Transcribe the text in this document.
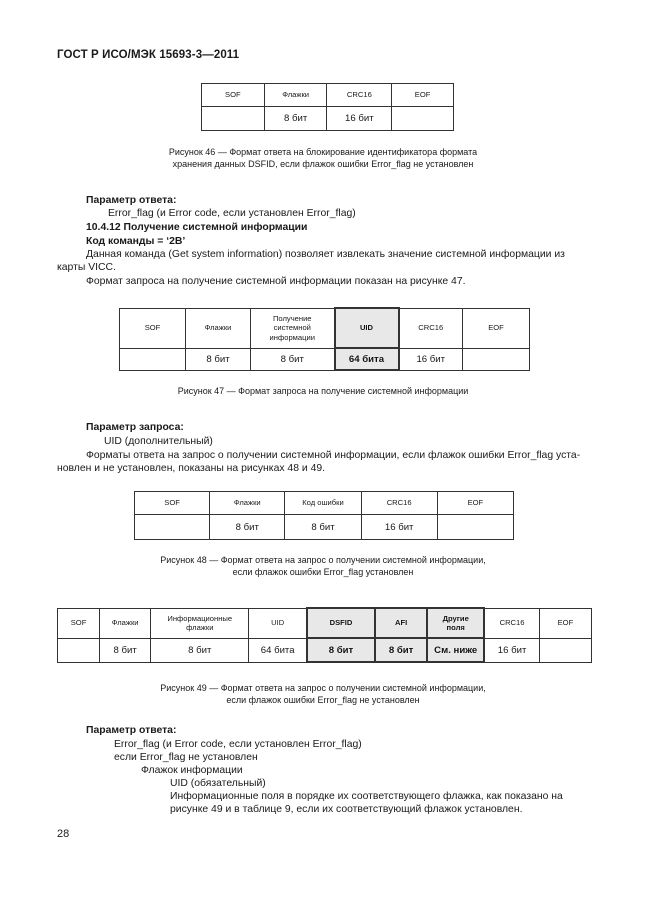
ГОСТ Р ИСО/МЭК 15693-3—2011
SOF	Флажки	CRC16	EOF
	8 бит	16 бит	
Рисунок 46 — Формат ответа на блокирование идентификатора формата
хранения данных DSFID, если флажок ошибки Error_flag не установлен
Параметр ответа:
Error_flag (и Error code, если установлен Error_flag)
10.4.12 Получение системной информации
Код команды = ‘2B’
Данная команда (Get system information) позволяет извлекать значение системной информации из
карты VICC.
Формат запроса на получение системной информации показан на рисунке 47.
SOF	Флажки	Получение системной информации	UID	CRC16	EOF
	8 бит	8 бит	64 бита	16 бит	
Рисунок 47 — Формат запроса на получение системной информации
Параметр запроса:
UID (дополнительный)
Форматы ответа на запрос о получении системной информации, если флажок ошибки Error_flag уста-
новлен и не установлен, показаны на рисунках 48 и 49.
SOF	Флажки	Код ошибки	CRC16	EOF
	8 бит	8 бит	16 бит	
Рисунок 48 — Формат ответа на запрос о получении системной информации,
если флажок ошибки Error_flag установлен
SOF	Флажки	Информационные флажки	UID	DSFID	AFI	Другие поля	CRC16	EOF
	8 бит	8 бит	64 бита	8 бит	8 бит	См. ниже	16 бит	
Рисунок 49 — Формат ответа на запрос о получении системной информации,
если флажок ошибки Error_flag не установлен
Параметр ответа:
Error_flag (и Error code, если установлен Error_flag)
если Error_flag не установлен
Флажок информации
UID (обязательный)
Информационные поля в порядке их соответствующего флажка, как показано на
рисунке 49 и в таблице 9, если их соответствующий флажок установлен.
28
